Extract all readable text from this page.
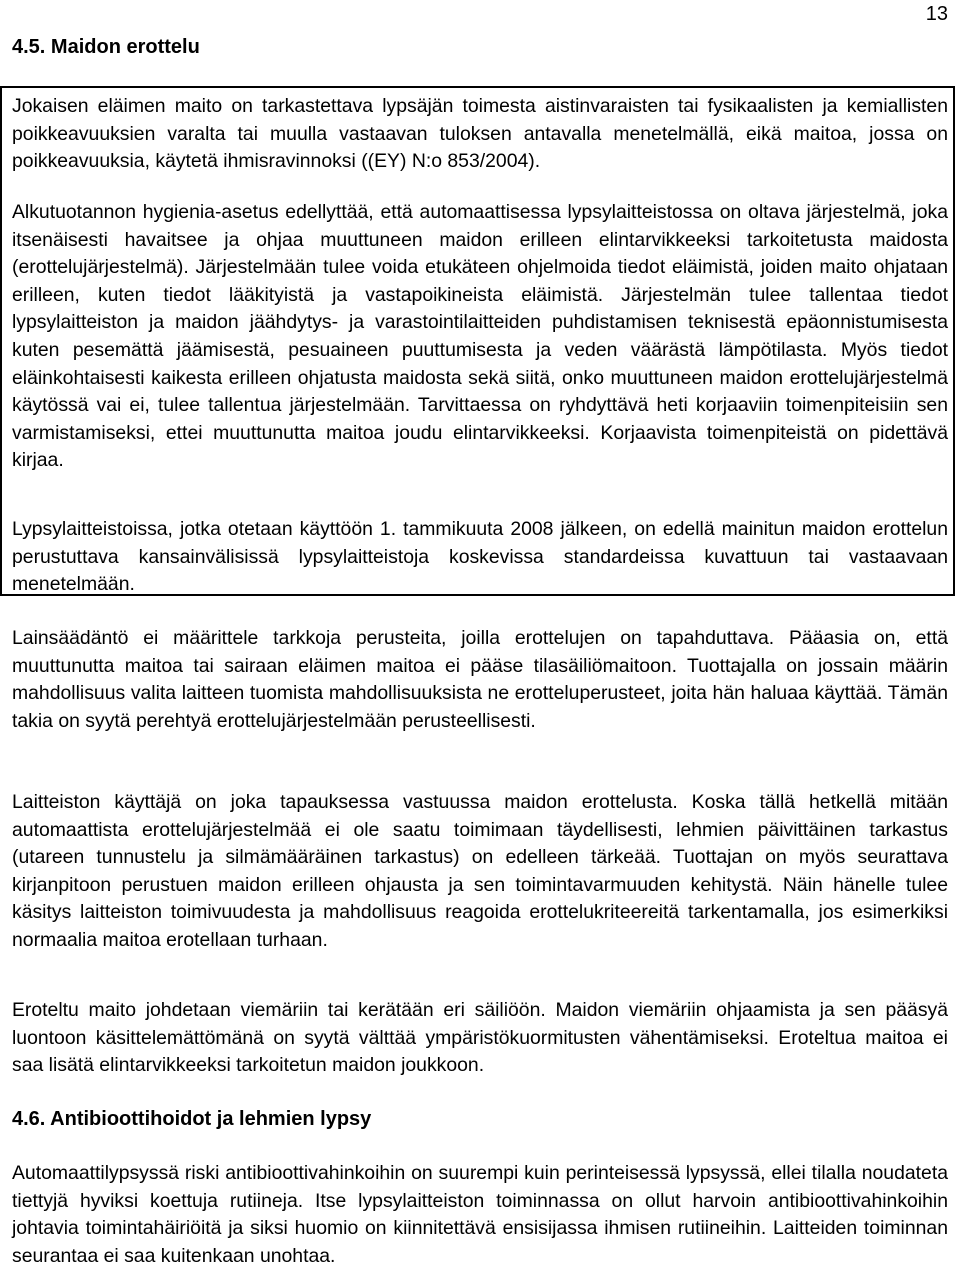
13
4.5. Maidon erottelu

Jokaisen eläimen maito on tarkastettava lypsäjän toimesta aistinvaraisten tai fysikaalisten ja kemiallisten poikkeavuuksien varalta tai muulla vastaavan tuloksen antavalla menetelmällä, eikä maitoa, jossa on poikkeavuuksia, käytetä ihmisravinnoksi ((EY) N:o 853/2004).

Alkutuotannon hygienia-asetus edellyttää, että automaattisessa lypsylaitteistossa on oltava järjestelmä, joka itsenäisesti havaitsee ja ohjaa muuttuneen maidon erilleen elintarvikkeeksi tarkoitetusta maidosta (erottelujärjestelmä). Järjestelmään tulee voida etukäteen ohjelmoida tiedot eläimistä, joiden maito ohjataan erilleen, kuten tiedot lääkityistä ja vastapoikineista eläimistä. Järjestelmän tulee tallentaa tiedot lypsylaitteiston ja maidon jäähdytys- ja varastointilaitteiden puhdistamisen teknisestä epäonnistumisesta kuten pesemättä jäämisestä, pesuaineen puuttumisesta ja veden väärästä lämpötilasta. Myös tiedot eläinkohtaisesti kaikesta erilleen ohjatusta maidosta sekä siitä, onko muuttuneen maidon erottelujärjestelmä käytössä vai ei, tulee tallentua järjestelmään. Tarvittaessa on ryhdyttävä heti korjaaviin toimenpiteisiin sen varmistamiseksi, ettei muuttunutta maitoa joudu elintarvikkeeksi. Korjaavista toimenpiteistä on pidettävä kirjaa.

Lypsylaitteistoissa, jotka otetaan käyttöön 1. tammikuuta 2008 jälkeen, on edellä mainitun maidon erottelun perustuttava kansainvälisissä lypsylaitteistoja koskevissa standardeissa kuvattuun tai vastaavaan menetelmään.

Lainsäädäntö ei määrittele tarkkoja perusteita, joilla erottelujen on tapahduttava. Pääasia on, että muuttunutta maitoa tai sairaan eläimen maitoa ei pääse tilasäiliömaitoon. Tuottajalla on jossain määrin mahdollisuus valita laitteen tuomista mahdollisuuksista ne erotteluperusteet, joita hän haluaa käyttää. Tämän takia on syytä perehtyä erottelujärjestelmään perusteellisesti.

Laitteiston käyttäjä on joka tapauksessa vastuussa maidon erottelusta. Koska tällä hetkellä mitään automaattista erottelujärjestelmää ei ole saatu toimimaan täydellisesti, lehmien päivittäinen tarkastus (utareen tunnustelu ja silmämääräinen tarkastus) on edelleen tärkeää. Tuottajan on myös seurattava kirjanpitoon perustuen maidon erilleen ohjausta ja sen toimintavarmuuden kehitystä. Näin hänelle tulee käsitys laitteiston toimivuudesta ja mahdollisuus reagoida erottelukriteereitä tarkentamalla, jos esimerkiksi normaalia maitoa erotellaan turhaan.

Eroteltu maito johdetaan viemäriin tai kerätään eri säiliöön. Maidon viemäriin ohjaamista ja sen pääsyä luontoon käsittelemättömänä on syytä välttää ympäristökuormitusten vähentämiseksi. Eroteltua maitoa ei saa lisätä elintarvikkeeksi tarkoitetun maidon joukkoon.

4.6. Antibioottihoidot ja lehmien lypsy

Automaattilypsyssä riski antibioottivahinkoihin on suurempi kuin perinteisessä lypsyssä, ellei tilalla noudateta tiettyjä hyviksi koettuja rutiineja. Itse lypsylaitteiston toiminnassa on ollut harvoin antibioottivahinkoihin johtavia toimintahäiriöitä ja siksi huomio on kiinnitettävä ensisijassa ihmisen rutiineihin. Laitteiden toiminnan seurantaa ei saa kuitenkaan unohtaa.
